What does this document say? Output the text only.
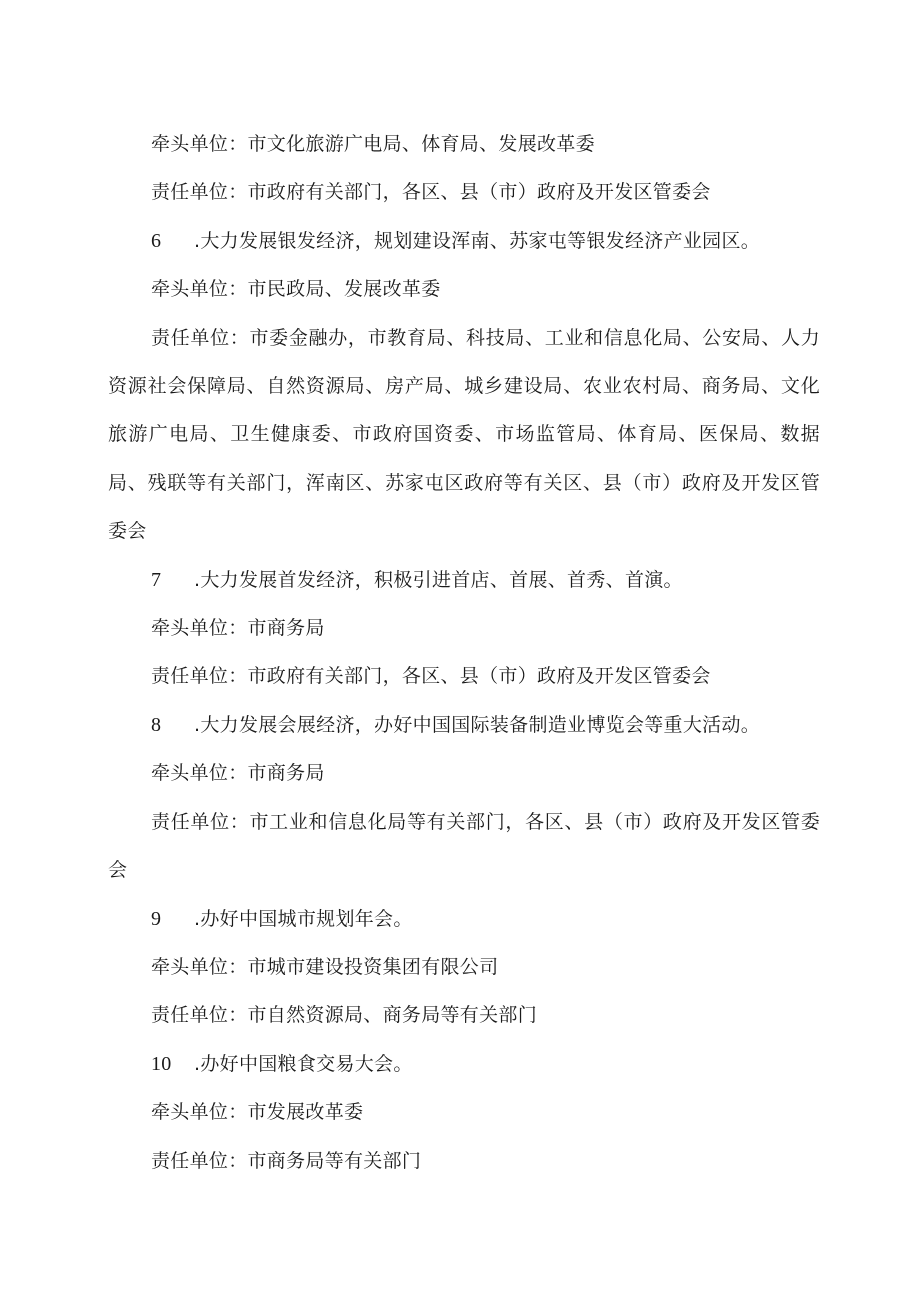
牵头单位：市文化旅游广电局、体育局、发展改革委

责任单位：市政府有关部门，各区、县（市）政府及开发区管委会

6	.大力发展银发经济，规划建设浑南、苏家屯等银发经济产业园区。

牵头单位：市民政局、发展改革委

责任单位：市委金融办，市教育局、科技局、工业和信息化局、公安局、人力资源社会保障局、自然资源局、房产局、城乡建设局、农业农村局、商务局、文化旅游广电局、卫生健康委、市政府国资委、市场监管局、体育局、医保局、数据局、残联等有关部门，浑南区、苏家屯区政府等有关区、县（市）政府及开发区管委会

7	.大力发展首发经济，积极引进首店、首展、首秀、首演。

牵头单位：市商务局

责任单位：市政府有关部门，各区、县（市）政府及开发区管委会

8	.大力发展会展经济，办好中国国际装备制造业博览会等重大活动。

牵头单位：市商务局

责任单位：市工业和信息化局等有关部门，各区、县（市）政府及开发区管委会

9	.办好中国城市规划年会。

牵头单位：市城市建设投资集团有限公司

责任单位：市自然资源局、商务局等有关部门

10	.办好中国粮食交易大会。

牵头单位：市发展改革委

责任单位：市商务局等有关部门
